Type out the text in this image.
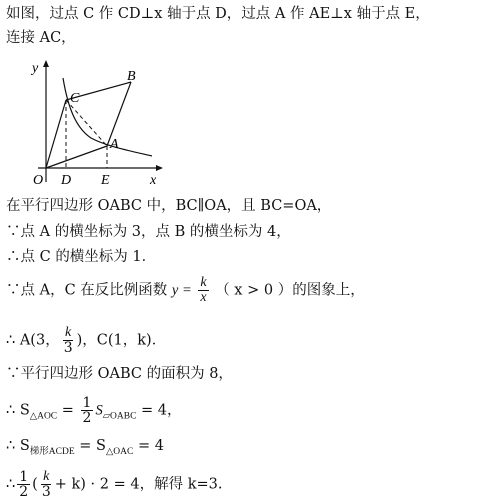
如图，过点 C 作 CD⊥x 轴于点 D，过点 A 作 AE⊥x 轴于点 E，
连接 AC，
y
x
O D E
A
B
C
在平行四边形 OABC 中，BC∥OA，且 BC=OA，
∵点 A 的横坐标为 3，点 B 的横坐标为 4，
∴点 C 的横坐标为 1．
∵点 A，C 在反比例函数 $y = \frac{k}{x}$ （ x > 0 ）的图象上，
∴ A(3， $\frac{k}{3}$ )，C(1，k)．
∵平行四边形 OABC 的面积为 8，
∴ $S_{\triangle AOC} = \frac{1}{2} S_{▱OABC} = 4$，
∴ $S_{梯形ACDE} = S_{\triangle OAC} = 4$
∴ $\frac{1}{2}$ ( $\frac{k}{3} + k) \cdot 2 = 4$，解得 k=3.
